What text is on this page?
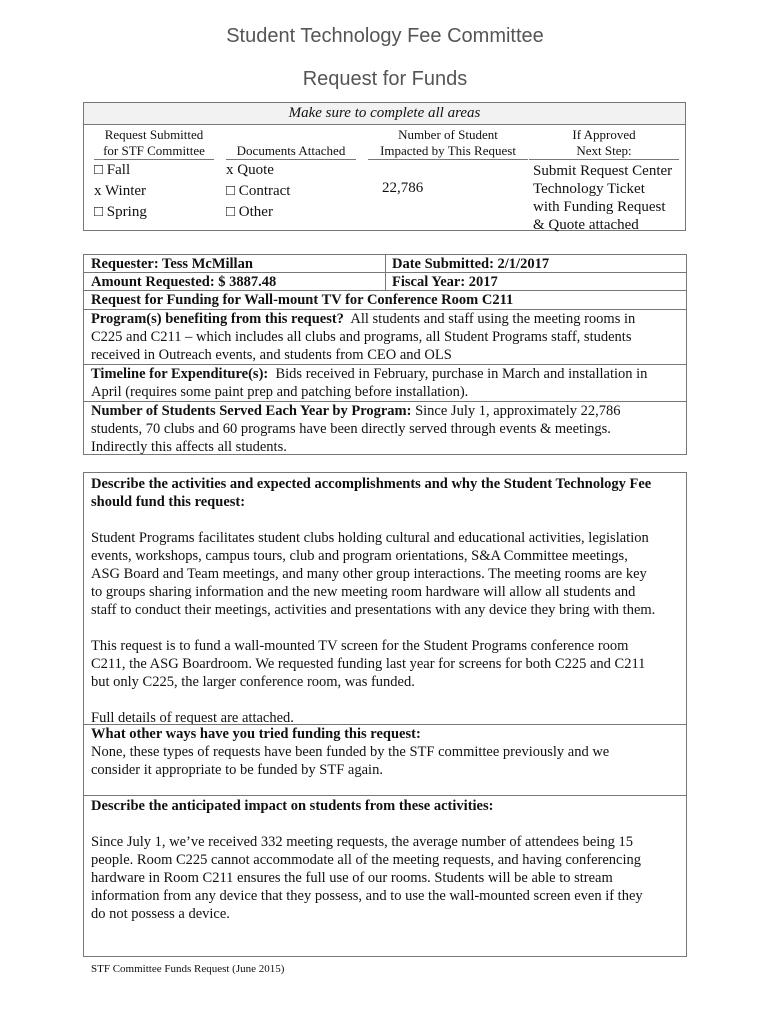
Student Technology Fee Committee
Request for Funds
Make sure to complete all areas
Request Submitted
for STF Committee
□ Fall
x Winter
□ Spring
Documents Attached
x Quote
□ Contract
□ Other
Number of Student
Impacted by This Request
22,786
If Approved
Next Step:
Submit Request Center
Technology Ticket
with Funding Request
& Quote attached
Requester: Tess McMillan	Date Submitted: 2/1/2017
Amount Requested: $ 3887.48	Fiscal Year: 2017
Request for Funding for Wall-mount TV for Conference Room C211
Program(s) benefiting from this request? All students and staff using the meeting rooms in
C225 and C211 – which includes all clubs and programs, all Student Programs staff, students
received in Outreach events, and students from CEO and OLS
Timeline for Expenditure(s): Bids received in February, purchase in March and installation in
April (requires some paint prep and patching before installation).
Number of Students Served Each Year by Program: Since July 1, approximately 22,786
students, 70 clubs and 60 programs have been directly served through events & meetings.
Indirectly this affects all students.

Describe the activities and expected accomplishments and why the Student Technology Fee

should fund this request:

Student Programs facilitates student clubs holding cultural and educational activities, legislation

events, workshops, campus tours, club and program orientations, S&A Committee meetings,

ASG Board and Team meetings, and many other group interactions. The meeting rooms are key

to groups sharing information and the new meeting room hardware will allow all students and

staff to conduct their meetings, activities and presentations with any device they bring with them.

This request is to fund a wall-mounted TV screen for the Student Programs conference room

C211, the ASG Boardroom. We requested funding last year for screens for both C225 and C211

but only C225, the larger conference room, was funded.

Full details of request are attached.

What other ways have you tried funding this request:

None, these types of requests have been funded by the STF committee previously and we

consider it appropriate to be funded by STF again.

Describe the anticipated impact on students from these activities:

Since July 1, we’ve received 332 meeting requests, the average number of attendees being 15

people. Room C225 cannot accommodate all of the meeting requests, and having conferencing

hardware in Room C211 ensures the full use of our rooms. Students will be able to stream

information from any device that they possess, and to use the wall-mounted screen even if they

do not possess a device.

STF Committee Funds Request (June 2015)
